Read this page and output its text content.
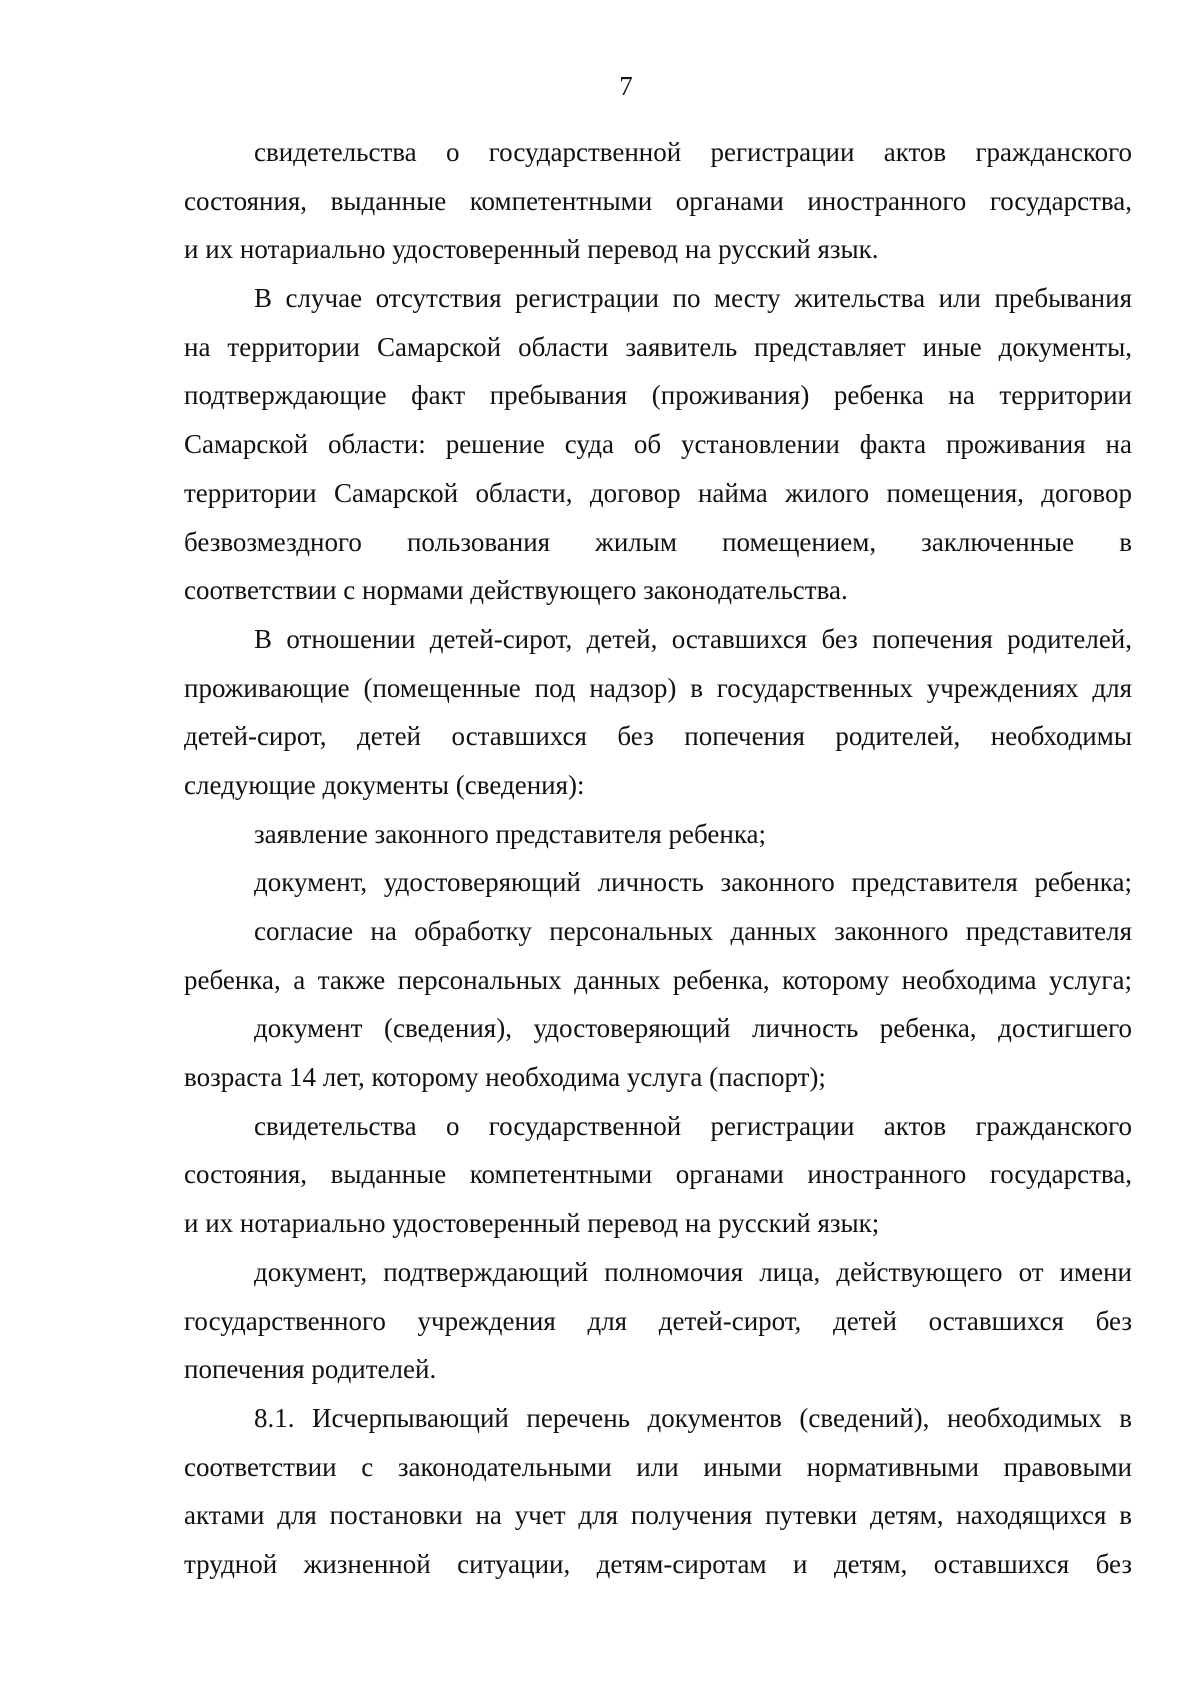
7
свидетельства о государственной регистрации актов гражданского
состояния, выданные компетентными органами иностранного государства,
и их нотариально удостоверенный перевод на русский язык.
В случае отсутствия регистрации по месту жительства или пребывания
на территории Самарской области заявитель представляет иные документы,
подтверждающие факт пребывания (проживания) ребенка на территории
Самарской области: решение суда об установлении факта проживания на
территории Самарской области, договор найма жилого помещения, договор
безвозмездного пользования жилым помещением, заключенные в
соответствии с нормами действующего законодательства.
В отношении детей-сирот, детей, оставшихся без попечения родителей,
проживающие (помещенные под надзор) в государственных учреждениях для
детей-сирот, детей оставшихся без попечения родителей, необходимы
следующие документы (сведения):
заявление законного представителя ребенка;
документ, удостоверяющий личность законного представителя ребенка;
согласие на обработку персональных данных законного представителя
ребенка, а также персональных данных ребенка, которому необходима услуга;
документ (сведения), удостоверяющий личность ребенка, достигшего
возраста 14 лет, которому необходима услуга (паспорт);
свидетельства о государственной регистрации актов гражданского
состояния, выданные компетентными органами иностранного государства,
и их нотариально удостоверенный перевод на русский язык;
документ, подтверждающий полномочия лица, действующего от имени
государственного учреждения для детей-сирот, детей оставшихся без
попечения родителей.
8.1. Исчерпывающий перечень документов (сведений), необходимых в
соответствии с законодательными или иными нормативными правовыми
актами для постановки на учет для получения путевки детям, находящихся в
трудной жизненной ситуации, детям-сиротам и детям, оставшихся без
